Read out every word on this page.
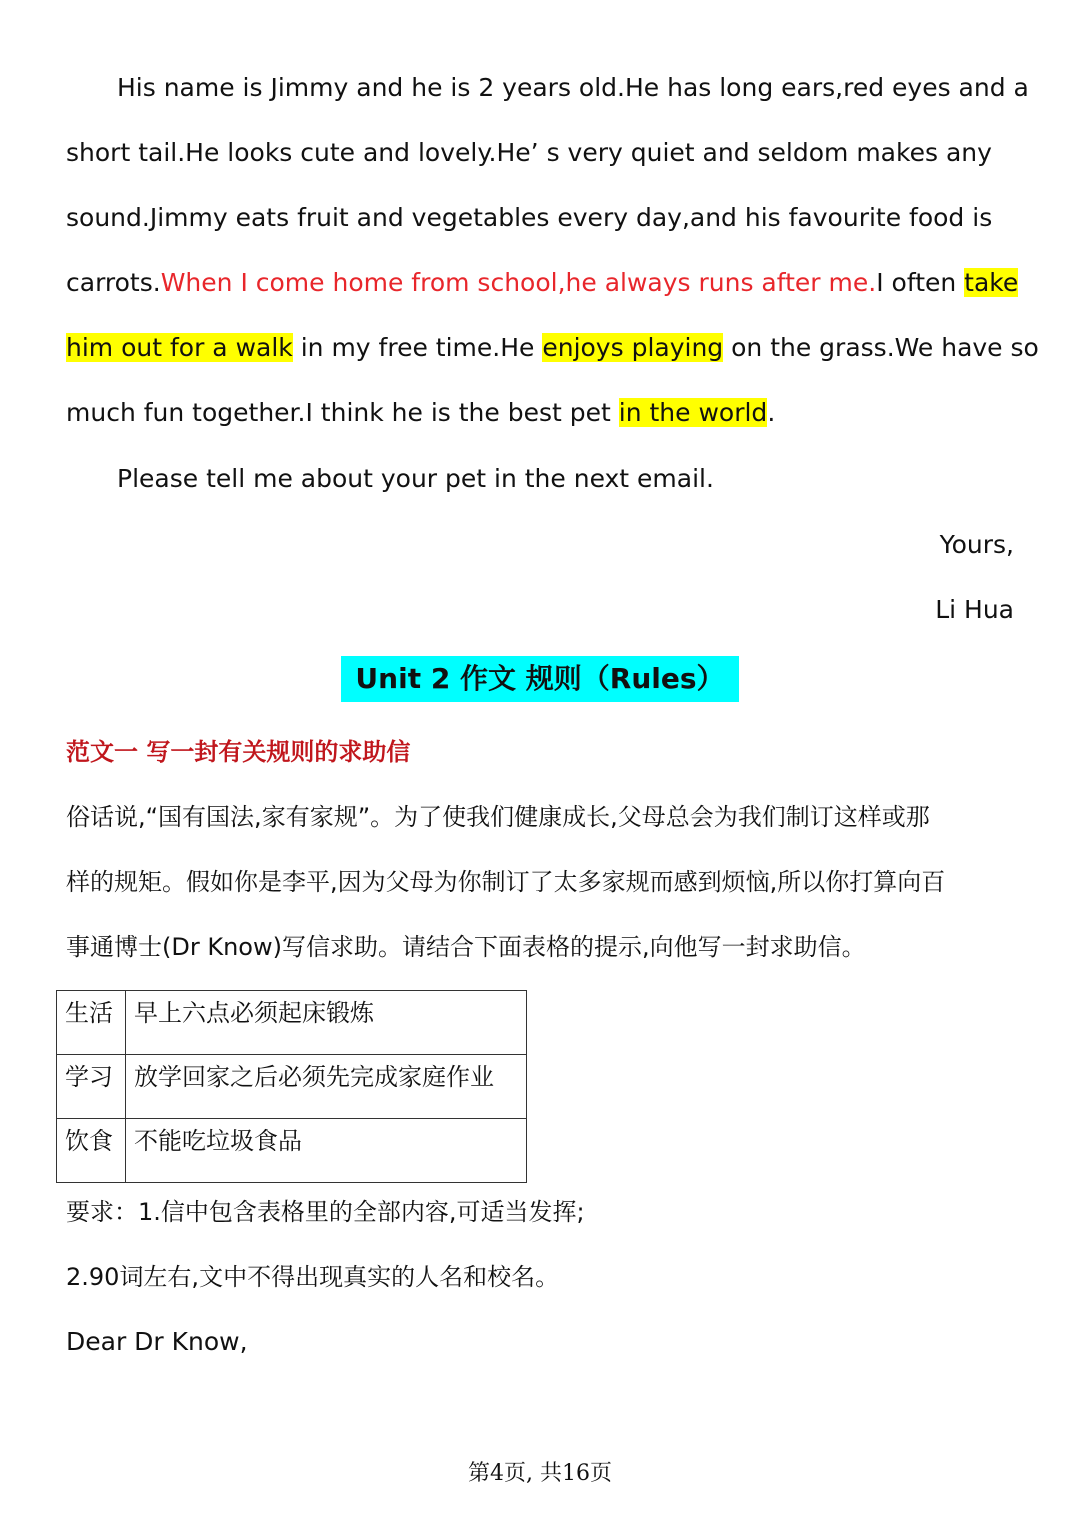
His name is Jimmy and he is 2 years old.He has long ears,red eyes and a
short tail.He looks cute and lovely.He’ s very quiet and seldom makes any
sound.Jimmy eats fruit and vegetables every day,and his favourite food is
carrots.When I come home from school,he always runs after me.I often take
him out for a walk in my free time.He enjoys playing on the grass.We have so
much fun together.I think he is the best pet in the world.
Please tell me about your pet in the next email.
Yours,
Li Hua
Unit 2 作文 规则（Rules）
范文一 写一封有关规则的求助信
俗话说,“国有国法,家有家规”。为了使我们健康成长,父母总会为我们制订这样或那
样的规矩。假如你是李平,因为父母为你制订了太多家规而感到烦恼,所以你打算向百
事通博士(Dr Know)写信求助。请结合下面表格的提示,向他写一封求助信。
生活	早上六点必须起床锻炼
学习	放学回家之后必须先完成家庭作业
饮食	不能吃垃圾食品
要求：1.信中包含表格里的全部内容,可适当发挥;
2.90词左右,文中不得出现真实的人名和校名。
Dear Dr Know,
第4页, 共16页
